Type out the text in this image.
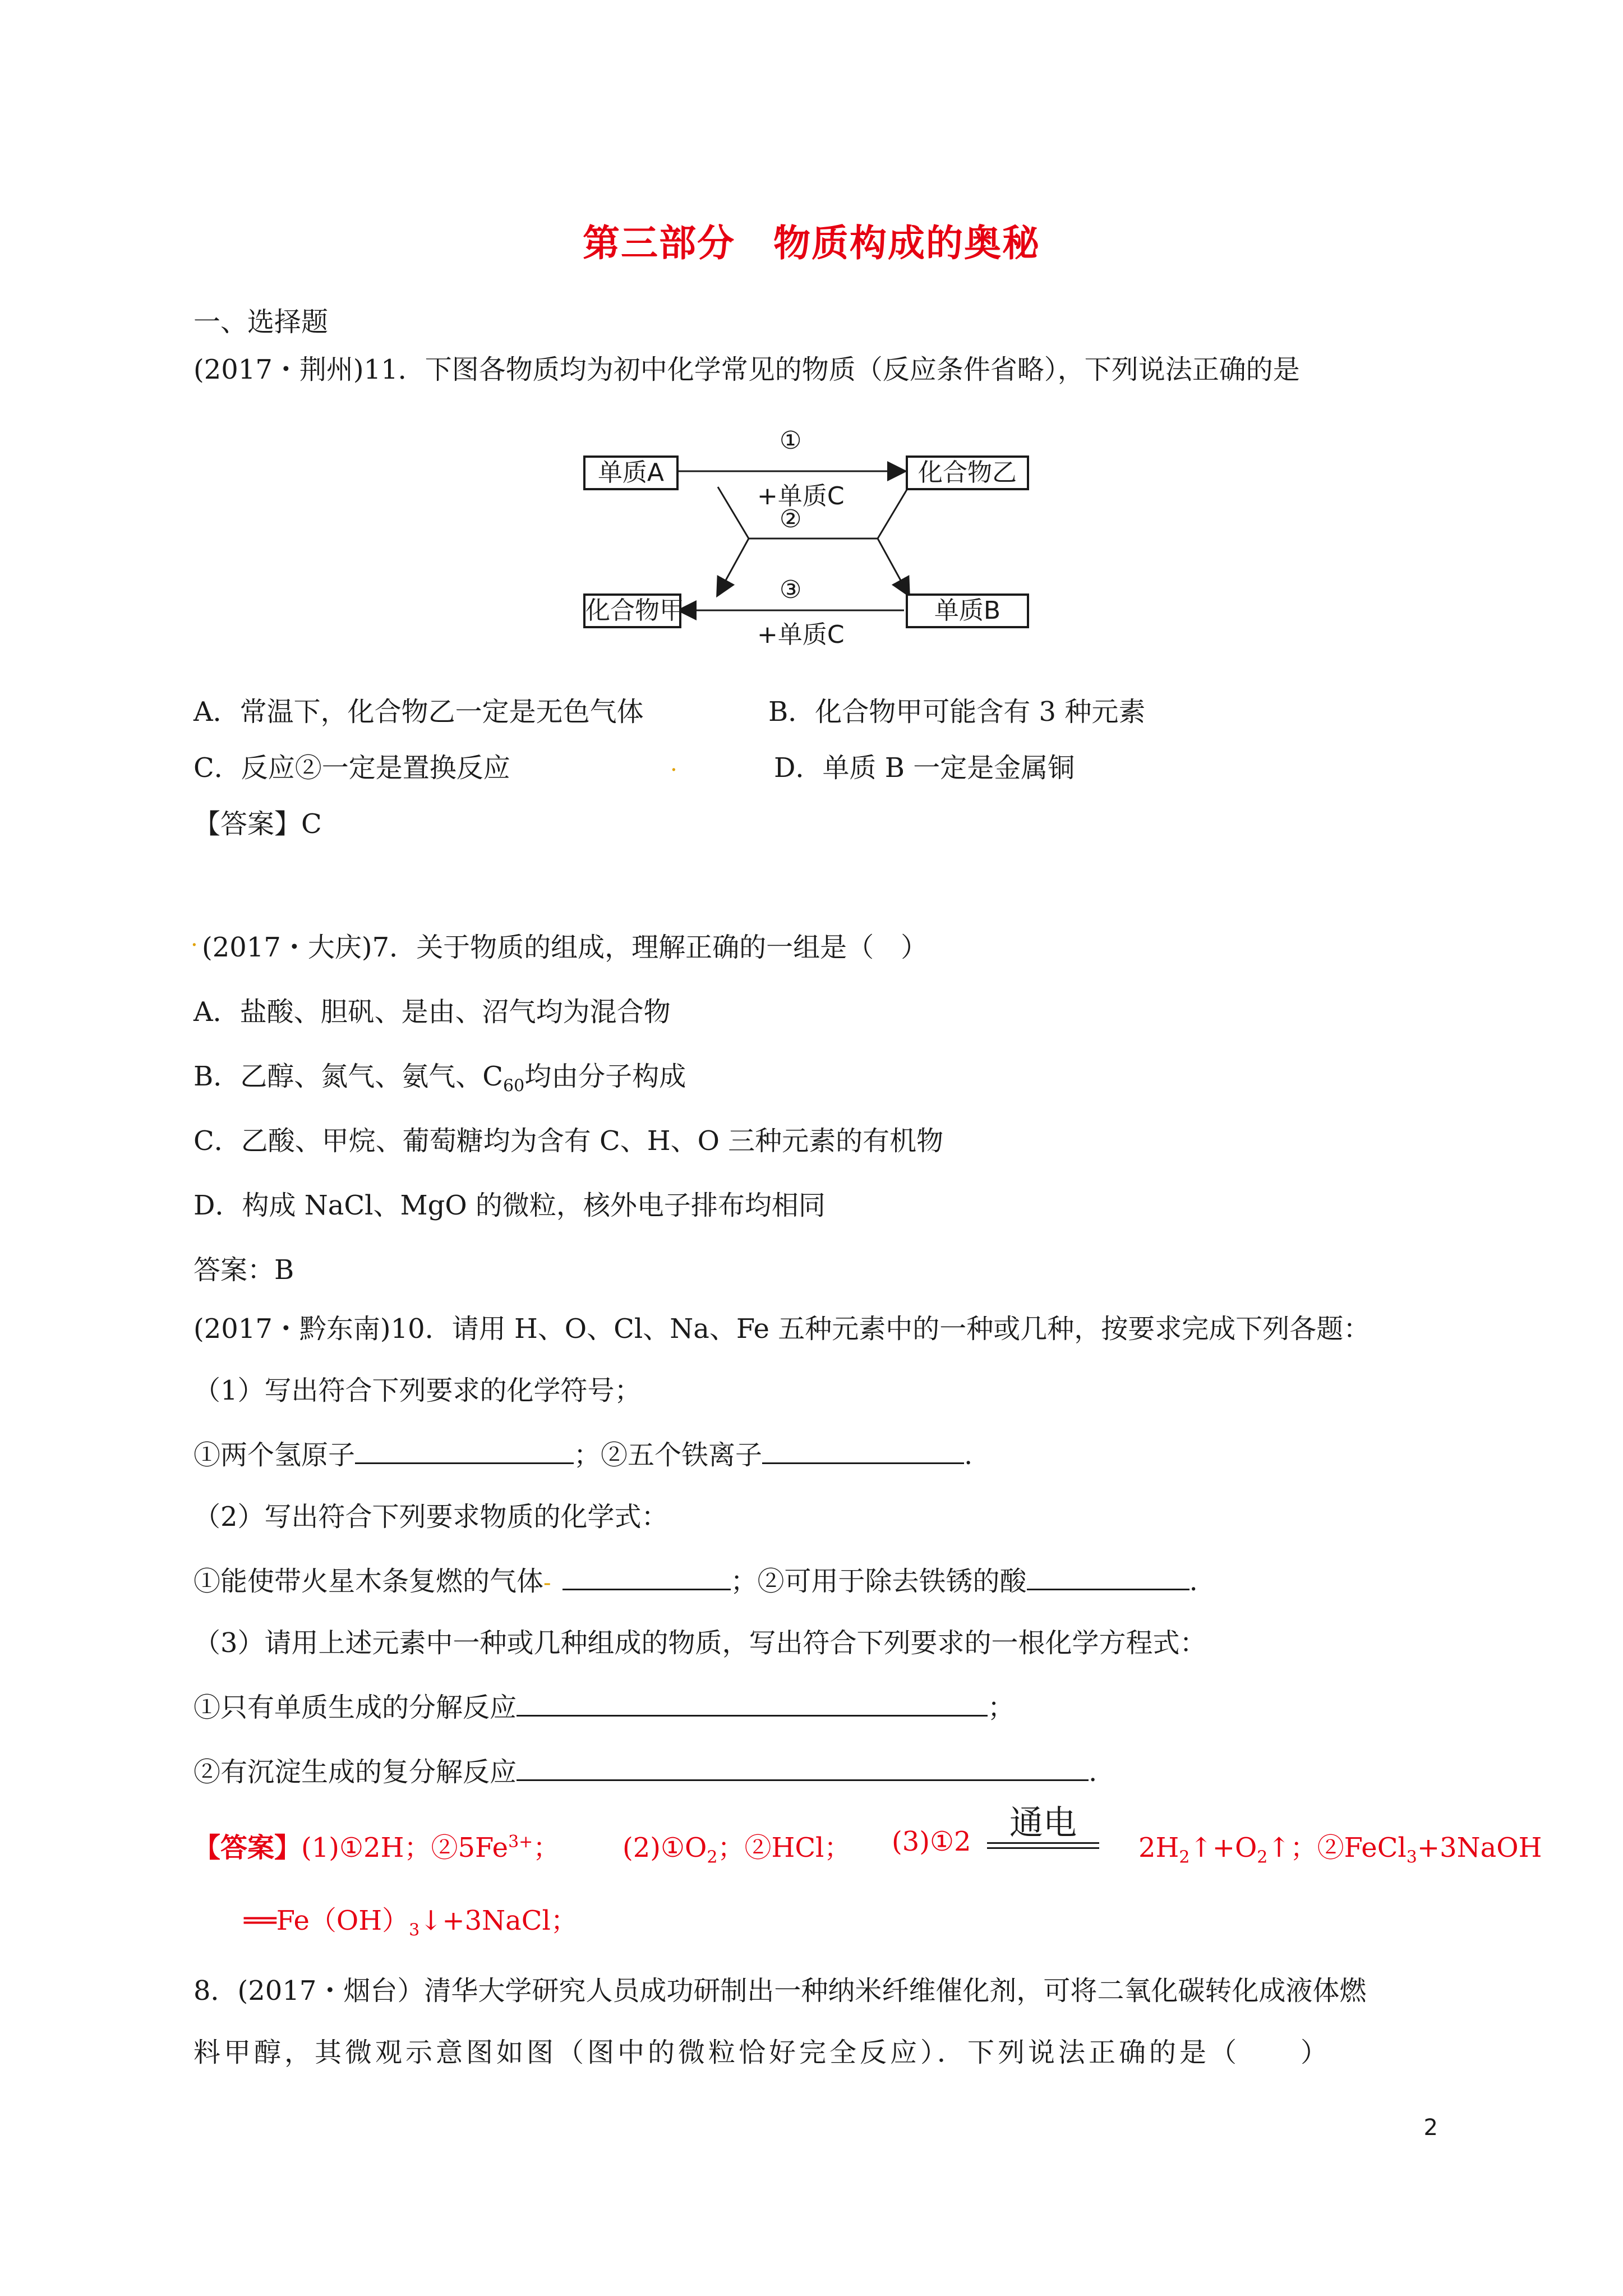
第三部分　物质构成的奥秘
一、选择题
(2017・荆州)11．下图各物质均为初中化学常见的物质（反应条件省略），下列说法正确的是
单质A	化合物乙
化合物甲	单质B
①
+单质C
②
③
+单质C
A．常温下，化合物乙一定是无色气体	B．化合物甲可能含有 3 种元素
C．反应②一定是置换反应	.	D．单质 B 一定是金属铜
【答案】C
. (2017・大庆)7．关于物质的组成，理解正确的一组是（　）
A．盐酸、胆矾、是由、沼气均为混合物
B．乙醇、氮气、氨气、$C_{60}$均由分子构成
C．乙酸、甲烷、葡萄糖均为含有 C、H、O 三种元素的有机物
D．构成 NaCl、MgO 的微粒，核外电子排布均相同
答案：B
(2017・黔东南)10．请用 H、O、Cl、Na、Fe 五种元素中的一种或几种，按要求完成下列各题：
（1）写出符合下列要求的化学符号；
①两个氢原子	；②五个铁离子	.
（2）写出符合下列要求物质的化学式：
①能使带火星木条复燃的气体-	；②可用于除去铁锈的酸	.
（3）请用上述元素中一种或几种组成的物质，写出符合下列要求的一根化学方程式：
①只有单质生成的分解反应	；
②有沉淀生成的复分解反应	.
【答案】(1)①2H；$②5Fe^{3+}$； $(2)①O_2$；②HCl； (3)①2	通电
$2H_2↑+O_2↑$；②FeCl$_3$+3NaOH
$══Fe(OH)_3↓+3NaCl$；
8．(2017・烟台）清华大学研究人员成功研制出一种纳米纤维催化剂，可将二氧化碳转化成液体燃
料甲醇，其微观示意图如图（图中的微粒恰好完全反应）．下列说法正确的是（　　）
2
